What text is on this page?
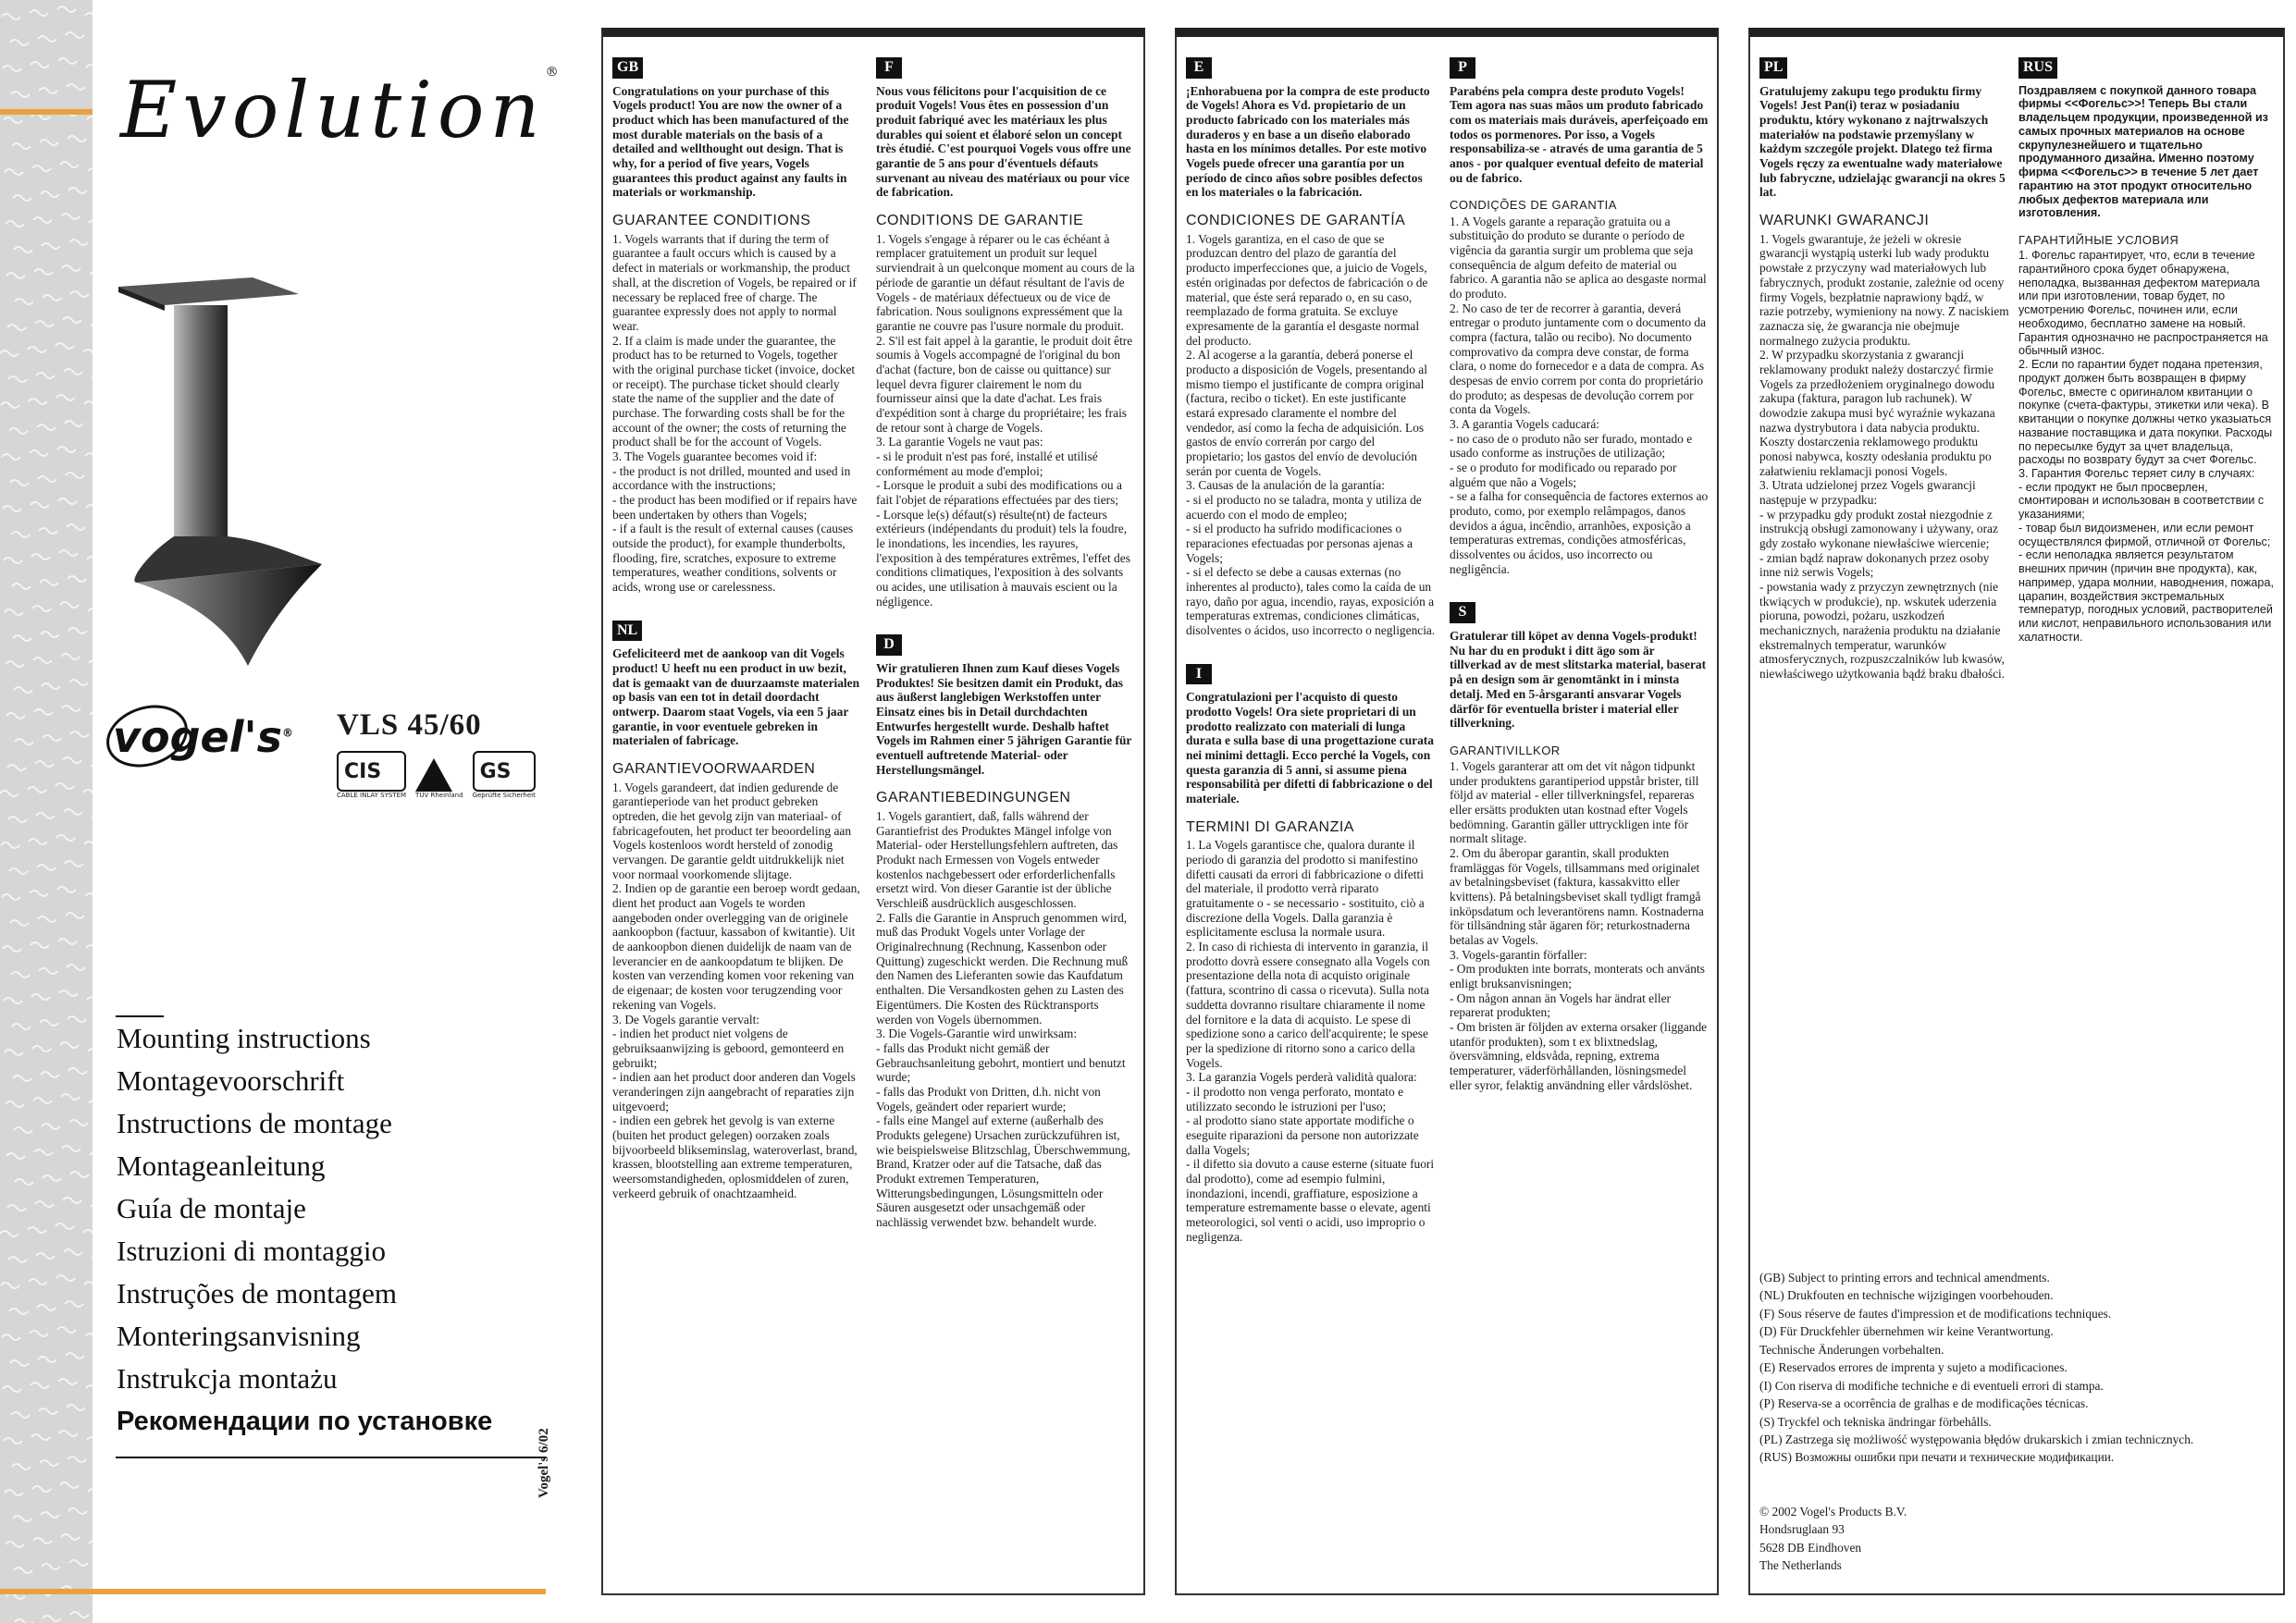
Evolution®
vogel's® VLS 45/60
CIS
CABLE INLAY SYSTEM TÜV Rheinland
GS
Geprüfte Sicherheit
Mounting instructions
Montagevoorschrift
Instructions de montage
Montageanleitung
Guía de montaje
Istruzioni di montaggio
Instruções de montagem
Monteringsanvisning
Instrukcja montażu
Рекомендации по установке
Vogel's 6/02
GB
Congratulations on your purchase of this Vogels product! You are now the owner of a product which has been manufactured of the most durable materials on the basis of a detailed and wellthought out design. That is why, for a period of five years, Vogels guarantees this product against any faults in materials or workmanship.
GUARANTEE CONDITIONS
1. Vogels warrants that if during the term of guarantee a fault occurs which is caused by a defect in materials or workmanship, the product shall, at the discretion of Vogels, be repaired or if necessary be replaced free of charge. The guarantee expressly does not apply to normal wear.
2. If a claim is made under the guarantee, the product has to be returned to Vogels, together with the original purchase ticket (invoice, docket or receipt). The purchase ticket should clearly state the name of the supplier and the date of purchase. The forwarding costs shall be for the account of the owner; the costs of returning the product shall be for the account of Vogels.
3. The Vogels guarantee becomes void if:
- the product is not drilled, mounted and used in accordance with the instructions;
- the product has been modified or if repairs have been undertaken by others than Vogels;
- if a fault is the result of external causes (causes outside the product), for example thunderbolts, flooding, fire, scratches, exposure to extreme temperatures, weather conditions, solvents or acids, wrong use or carelessness.
NL
Gefeliciteerd met de aankoop van dit Vogels product! U heeft nu een product in uw bezit, dat is gemaakt van de duurzaamste materialen op basis van een tot in detail doordacht ontwerp. Daarom staat Vogels, via een 5 jaar garantie, in voor eventuele gebreken in materialen of fabricage.
GARANTIEVOORWAARDEN
1. Vogels garandeert, dat indien gedurende de garantieperiode van het product gebreken optreden, die het gevolg zijn van materiaal- of fabricagefouten, het product ter beoordeling aan Vogels kostenloos wordt hersteld of zonodig vervangen. De garantie geldt uitdrukkelijk niet voor normaal voorkomende slijtage.
2. Indien op de garantie een beroep wordt gedaan, dient het product aan Vogels te worden aangeboden onder overlegging van de originele aankoopbon (factuur, kassabon of kwitantie). Uit de aankoopbon dienen duidelijk de naam van de leverancier en de aankoopdatum te blijken. De kosten van verzending komen voor rekening van de eigenaar; de kosten voor terugzending voor rekening van Vogels.
3. De Vogels garantie vervalt:
- indien het product niet volgens de gebruiksaanwijzing is geboord, gemonteerd en gebruikt;
- indien aan het product door anderen dan Vogels veranderingen zijn aangebracht of reparaties zijn uitgevoerd;
- indien een gebrek het gevolg is van externe (buiten het product gelegen) oorzaken zoals bijvoorbeeld blikseminslag, wateroverlast, brand, krassen, blootstelling aan extreme temperaturen, weersomstandigheden, oplosmiddelen of zuren, verkeerd gebruik of onachtzaamheid.
F
Nous vous félicitons pour l'acquisition de ce produit Vogels! Vous êtes en possession d'un produit fabriqué avec les matériaux les plus durables qui soient et élaboré selon un concept très étudié. C'est pourquoi Vogels vous offre une garantie de 5 ans pour d'éventuels défauts survenant au niveau des matériaux ou pour vice de fabrication.
CONDITIONS DE GARANTIE
1. Vogels s'engage à réparer ou le cas échéant à remplacer gratuitement un produit sur lequel surviendrait à un quelconque moment au cours de la période de garantie un défaut résultant de l'avis de Vogels - de matériaux défectueux ou de vice de fabrication. Nous soulignons expressément que la garantie ne couvre pas l'usure normale du produit.
2. S'il est fait appel à la garantie, le produit doit être soumis à Vogels accompagné de l'original du bon d'achat (facture, bon de caisse ou quittance) sur lequel devra figurer clairement le nom du fournisseur ainsi que la date d'achat. Les frais d'expédition sont à charge du propriétaire; les frais de retour sont à charge de Vogels.
3. La garantie Vogels ne vaut pas:
- si le produit n'est pas foré, installé et utilisé conformément au mode d'emploi;
- Lorsque le produit a subi des modifications ou a fait l'objet de réparations effectuées par des tiers;
- Lorsque le(s) défaut(s) résulte(nt) de facteurs extérieurs (indépendants du produit) tels la foudre, le inondations, les incendies, les rayures, l'exposition à des températures extrêmes, l'effet des conditions climatiques, l'exposition à des solvants ou acides, une utilisation à mauvais escient ou la négligence.
D
Wir gratulieren Ihnen zum Kauf dieses Vogels Produktes! Sie besitzen damit ein Produkt, das aus äußerst langlebigen Werkstoffen unter Einsatz eines bis in Detail durchdachten Entwurfes hergestellt wurde. Deshalb haftet Vogels im Rahmen einer 5 jährigen Garantie für eventuell auftretende Material- oder Herstellungsmängel.
GARANTIEBEDINGUNGEN
1. Vogels garantiert, daß, falls während der Garantiefrist des Produktes Mängel infolge von Material- oder Herstellungsfehlern auftreten, das Produkt nach Ermessen von Vogels entweder kostenlos nachgebessert oder erforderlichenfalls ersetzt wird. Von dieser Garantie ist der übliche Verschleiß ausdrücklich ausgeschlossen.
2. Falls die Garantie in Anspruch genommen wird, muß das Produkt Vogels unter Vorlage der Originalrechnung (Rechnung, Kassenbon oder Quittung) zugeschickt werden. Die Rechnung muß den Namen des Lieferanten sowie das Kaufdatum enthalten. Die Versandkosten gehen zu Lasten des Eigentümers. Die Kosten des Rücktransports werden von Vogels übernommen.
3. Die Vogels-Garantie wird unwirksam:
- falls das Produkt nicht gemäß der Gebrauchsanleitung gebohrt, montiert und benutzt wurde;
- falls das Produkt von Dritten, d.h. nicht von Vogels, geändert oder repariert wurde;
- falls eine Mangel auf externe (außerhalb des Produkts gelegene) Ursachen zurückzuführen ist, wie beispielsweise Blitzschlag, Überschwemmung, Brand, Kratzer oder auf die Tatsache, daß das Produkt extremen Temperaturen, Witterungsbedingungen, Lösungsmitteln oder Säuren ausgesetzt oder unsachgemäß oder nachlässig verwendet bzw. behandelt wurde.
E
¡Enhorabuena por la compra de este producto de Vogels! Ahora es Vd. propietario de un producto fabricado con los materiales más duraderos y en base a un diseño elaborado hasta en los mínimos detalles. Por este motivo Vogels puede ofrecer una garantía por un período de cinco años sobre posibles defectos en los materiales o la fabricación.
CONDICIONES DE GARANTÍA
1. Vogels garantiza, en el caso de que se produzcan dentro del plazo de garantía del producto imperfecciones que, a juicio de Vogels, estén originadas por defectos de fabricación o de material, que éste será reparado o, en su caso, reemplazado de forma gratuita. Se excluye expresamente de la garantía el desgaste normal del producto.
2. Al acogerse a la garantía, deberá ponerse el producto a disposición de Vogels, presentando al mismo tiempo el justificante de compra original (factura, recibo o ticket). En este justificante estará expresado claramente el nombre del vendedor, así como la fecha de adquisición. Los gastos de envío correrán por cargo del propietario; los gastos del envío de devolución serán por cuenta de Vogels.
3. Causas de la anulación de la garantía:
- si el producto no se taladra, monta y utiliza de acuerdo con el modo de empleo;
- si el producto ha sufrido modificaciones o reparaciones efectuadas por personas ajenas a Vogels;
- si el defecto se debe a causas externas (no inherentes al producto), tales como la caída de un rayo, daño por agua, incendio, rayas, exposición a temperaturas extremas, condiciones climáticas, disolventes o ácidos, uso incorrecto o negligencia.
I
Congratulazioni per l'acquisto di questo prodotto Vogels! Ora siete proprietari di un prodotto realizzato con materiali di lunga durata e sulla base di una progettazione curata nei minimi dettagli. Ecco perché la Vogels, con questa garanzia di 5 anni, si assume piena responsabilità per difetti di fabbricazione o del materiale.
TERMINI DI GARANZIA
1. La Vogels garantisce che, qualora durante il periodo di garanzia del prodotto si manifestino difetti causati da errori di fabbricazione o difetti del materiale, il prodotto verrà riparato gratuitamente o - se necessario - sostituito, ciò a discrezione della Vogels. Dalla garanzia è esplicitamente esclusa la normale usura.
2. In caso di richiesta di intervento in garanzia, il prodotto dovrà essere consegnato alla Vogels con presentazione della nota di acquisto originale (fattura, scontrino di cassa o ricevuta). Sulla nota suddetta dovranno risultare chiaramente il nome del fornitore e la data di acquisto. Le spese di spedizione sono a carico dell'acquirente; le spese per la spedizione di ritorno sono a carico della Vogels.
3. La garanzia Vogels perderà validità qualora:
- il prodotto non venga perforato, montato e utilizzato secondo le istruzioni per l'uso;
- al prodotto siano state apportate modifiche o eseguite riparazioni da persone non autorizzate dalla Vogels;
- il difetto sia dovuto a cause esterne (situate fuori dal prodotto), come ad esempio fulmini, inondazioni, incendi, graffiature, esposizione a temperature estremamente basse o elevate, agenti meteorologici, sol venti o acidi, uso improprio o negligenza.
P
Parabéns pela compra deste produto Vogels! Tem agora nas suas mãos um produto fabricado com os materiais mais duráveis, aperfeiçoado em todos os pormenores. Por isso, a Vogels responsabiliza-se - através de uma garantia de 5 anos - por qualquer eventual defeito de material ou de fabrico.
CONDIÇÕES DE GARANTIA
1. A Vogels garante a reparação gratuita ou a substituição do produto se durante o período de vigência da garantia surgir um problema que seja consequência de algum defeito de material ou fabrico. A garantia não se aplica ao desgaste normal do produto.
2. No caso de ter de recorrer à garantia, deverá entregar o produto juntamente com o documento da compra (factura, talão ou recibo). No documento comprovativo da compra deve constar, de forma clara, o nome do fornecedor e a data de compra. As despesas de envio correm por conta do proprietário do produto; as despesas de devolução correm por conta da Vogels.
3. A garantia Vogels caducará:
- no caso de o produto não ser furado, montado e usado conforme as instruções de utilização;
- se o produto for modificado ou reparado por alguém que não a Vogels;
- se a falha for consequência de factores externos ao produto, como, por exemplo relâmpagos, danos devidos a água, incêndio, arranhões, exposição a temperaturas extremas, condições atmosféricas, dissolventes ou ácidos, uso incorrecto ou negligência.
S
Gratulerar till köpet av denna Vogels-produkt! Nu har du en produkt i ditt ägo som är tillverkad av de mest slitstarka material, baserat på en design som är genomtänkt in i minsta detalj. Med en 5-årsgaranti ansvarar Vogels därför för eventuella brister i material eller tillverkning.
GARANTIVILLKOR
1. Vogels garanterar att om det vit någon tidpunkt under produktens garantiperiod uppstår brister, till följd av material - eller tillverkningsfel, repareras eller ersätts produkten utan kostnad efter Vogels bedömning. Garantin gäller uttryckligen inte för normalt slitage.
2. Om du åberopar garantin, skall produkten framläggas för Vogels, tillsammans med originalet av betalningsbeviset (faktura, kassakvitto eller kvittens). På betalningsbeviset skall tydligt framgå inköpsdatum och leverantörens namn. Kostnaderna för tillsändning står ägaren för; returkostnaderna betalas av Vogels.
3. Vogels-garantin förfaller:
- Om produkten inte borrats, monterats och använts enligt bruksanvisningen;
- Om någon annan än Vogels har ändrat eller reparerat produkten;
- Om bristen är följden av externa orsaker (liggande utanför produkten), som t ex blixtnedslag, översvämning, eldsvåda, repning, extrema temperaturer, väderförhållanden, lösningsmedel eller syror, felaktig användning eller vårdslöshet.
PL
Gratulujemy zakupu tego produktu firmy Vogels! Jest Pan(i) teraz w posiadaniu produktu, który wykonano z najtrwalszych materiałów na podstawie przemyślany w każdym szczególe projekt. Dlatego też firma Vogels ręczy za ewentualne wady materiałowe lub fabryczne, udzielając gwarancji na okres 5 lat.
WARUNKI GWARANCJI
1. Vogels gwarantuje, że jeżeli w okresie gwarancji wystąpią usterki lub wady produktu powstałe z przyczyny wad materiałowych lub fabrycznych, produkt zostanie, zależnie od oceny firmy Vogels, bezpłatnie naprawiony bądź, w razie potrzeby, wymieniony na nowy. Z naciskiem zaznacza się, że gwarancja nie obejmuje normalnego zużycia produktu.
2. W przypadku skorzystania z gwarancji reklamowany produkt należy dostarczyć firmie Vogels za przedłożeniem oryginalnego dowodu zakupa (faktura, paragon lub rachunek). W dowodzie zakupa musi być wyraźnie wykazana nazwa dystrybutora i data nabycia produktu. Koszty dostarczenia reklamowego produktu ponosi nabywca, koszty odesłania produktu po załatwieniu reklamacji ponosi Vogels.
3. Utrata udzielonej przez Vogels gwarancji następuje w przypadku:
- w przypadku gdy produkt został niezgodnie z instrukcją obsługi zamonowany i używany, oraz gdy zostało wykonane niewłaściwe wiercenie;
- zmian bądź napraw dokonanych przez osoby inne niż serwis Vogels;
- powstania wady z przyczyn zewnętrznych (nie tkwiących w produkcie), np. wskutek uderzenia pioruna, powodzi, pożaru, uszkodzeń mechanicznych, narażenia produktu na działanie ekstremalnych temperatur, warunków atmosferycznych, rozpuszczalników lub kwasów, niewłaściwego użytkowania bądź braku dbałości.
RUS
Поздравляем с покупкой данного товара фирмы <<Фогельс>>! Теперь Вы стали владельцем продукции, произведенной из самых прочных материалов на основе скрупулезнейшего и тщательно продуманного дизайна. Именно поэтому фирма <<Фогельс>> в течение 5 лет дает гарантию на этот продукт относительно любых дефектов материала или изготовления.
ГАРАНТИЙНЫЕ УСЛОВИЯ
1. Фогельс гарантирует, что, если в течение гарантийного срока будет обнаружена, неполадка, вызванная дефектом материала или при изготовлении, товар будет, по усмотрению Фогельс, починен или, если необходимо, бесплатно замене на новый. Гарантия однозначно не распространяется на обычный износ.
2. Если по гарантии будет подана претензия, продукт должен быть возвращен в фирму Фогельс, вместе с оригиналом квитанции о покупке (счета-фактуры, этикетки или чека). В квитанции о покупке должны четко указыаться название поставщика и дата покупки. Расходы по пересылке будут за цчет владельца, расходы по возврату будут за счет Фогельс.
3. Гарантия Фогельс теряет силу в случаях:
- если продукт не был просверлен, смонтирован и использован в соответствии с указаниями;
- товар был видоизменен, или если ремонт осуществлялся фирмой, отличной от Фогельс;
- если неполадка является результатом внешних причин (причин вне продукта), как, например, удара молнии, наводнения, пожара, царапин, воздействия экстремальных температур, погодных условий, растворителей или кислот, неправильного использования или халатности.
(GB) Subject to printing errors and technical amendments.
(NL) Drukfouten en technische wijzigingen voorbehouden.
(F) Sous réserve de fautes d'impression et de modifications techniques.
(D) Für Druckfehler übernehmen wir keine Verantwortung.
Technische Änderungen vorbehalten.
(E) Reservados errores de imprenta y sujeto a modificaciones.
(I) Con riserva di modifiche techniche e di eventueli errori di stampa.
(P) Reserva-se a ocorrência de gralhas e de modificações técnicas.
(S) Tryckfel och tekniska ändringar förbehålls.
(PL) Zastrzega się możliwość występowania błędów drukarskich i zmian technicznych.
(RUS) Возможны ошибки при печати и технические модификации.
© 2002 Vogel's Products B.V.
Hondsruglaan 93
5628 DB Eindhoven
The Netherlands
